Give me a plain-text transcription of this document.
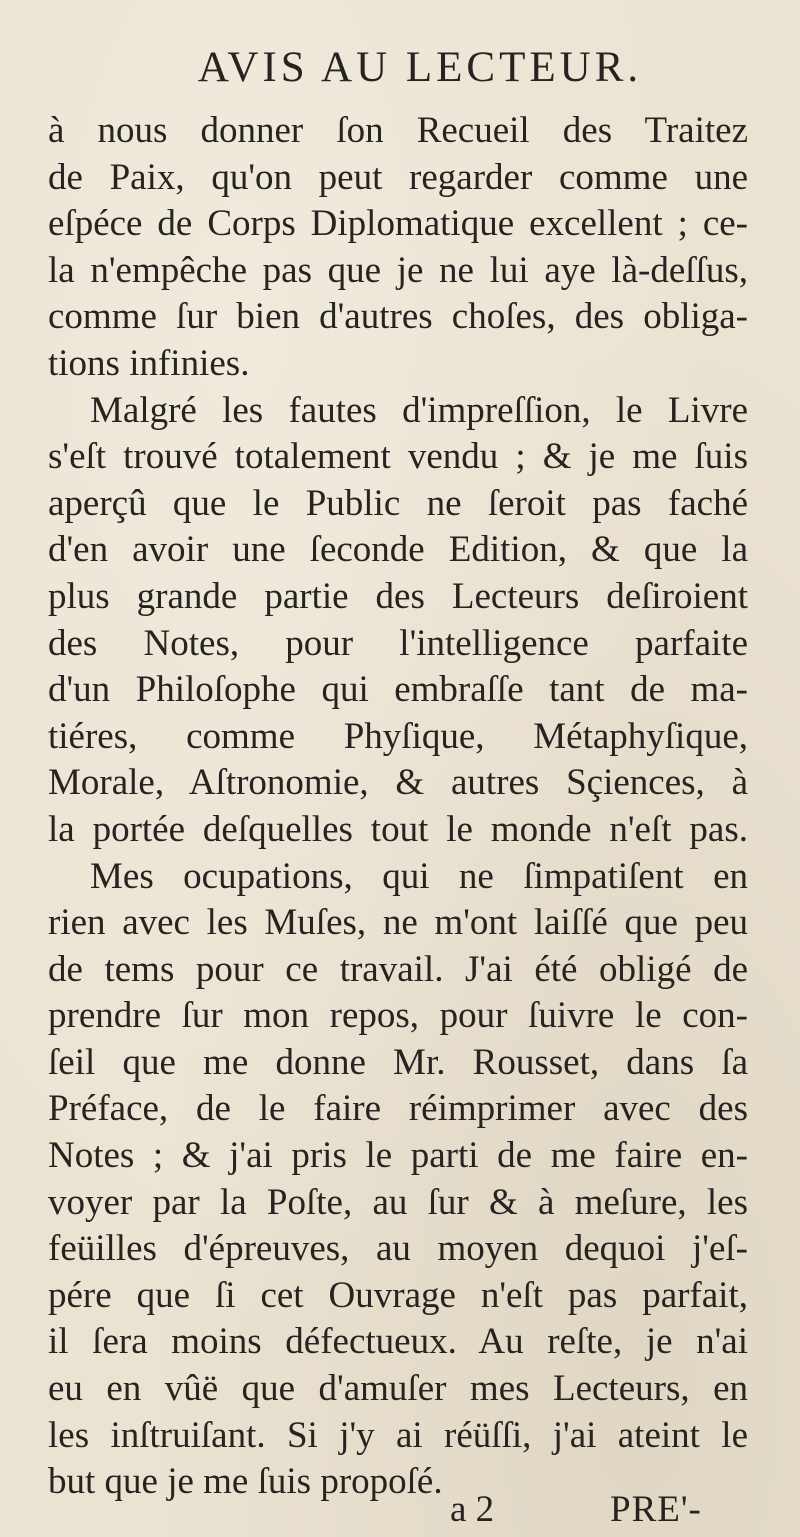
AVIS AU LECTEUR.
à nous donner ſon Recueil des Traitez
de Paix, qu'on peut regarder comme une
eſpéce de Corps Diplomatique excellent ; ce-
la n'empêche pas que je ne lui aye là-deſſus,
comme ſur bien d'autres choſes, des obliga-
tions infinies.
Malgré les fautes d'impreſſion, le Livre
s'eſt trouvé totalement vendu ; & je me ſuis
aperçû que le Public ne ſeroit pas faché
d'en avoir une ſeconde Edition, & que la
plus grande partie des Lecteurs deſiroient
des Notes, pour l'intelligence parfaite
d'un Philoſophe qui embraſſe tant de ma-
tiéres, comme Phyſique, Métaphyſique,
Morale, Aſtronomie, & autres Sçiences, à
la portée deſquelles tout le monde n'eſt pas.
Mes ocupations, qui ne ſimpatiſent en
rien avec les Muſes, ne m'ont laiſſé que peu
de tems pour ce travail. J'ai été obligé de
prendre ſur mon repos, pour ſuivre le con-
ſeil que me donne Mr. Rousset, dans ſa
Préface, de le faire réimprimer avec des
Notes ; & j'ai pris le parti de me faire en-
voyer par la Poſte, au ſur & à meſure, les
feüilles d'épreuves, au moyen dequoi j'eſ-
pére que ſi cet Ouvrage n'eſt pas parfait,
il ſera moins défectueux. Au reſte, je n'ai
eu en vûë que d'amuſer mes Lecteurs, en
les inſtruiſant. Si j'y ai réüſſi, j'ai ateint le
but que je me ſuis propoſé.
a 2	PRE'-
